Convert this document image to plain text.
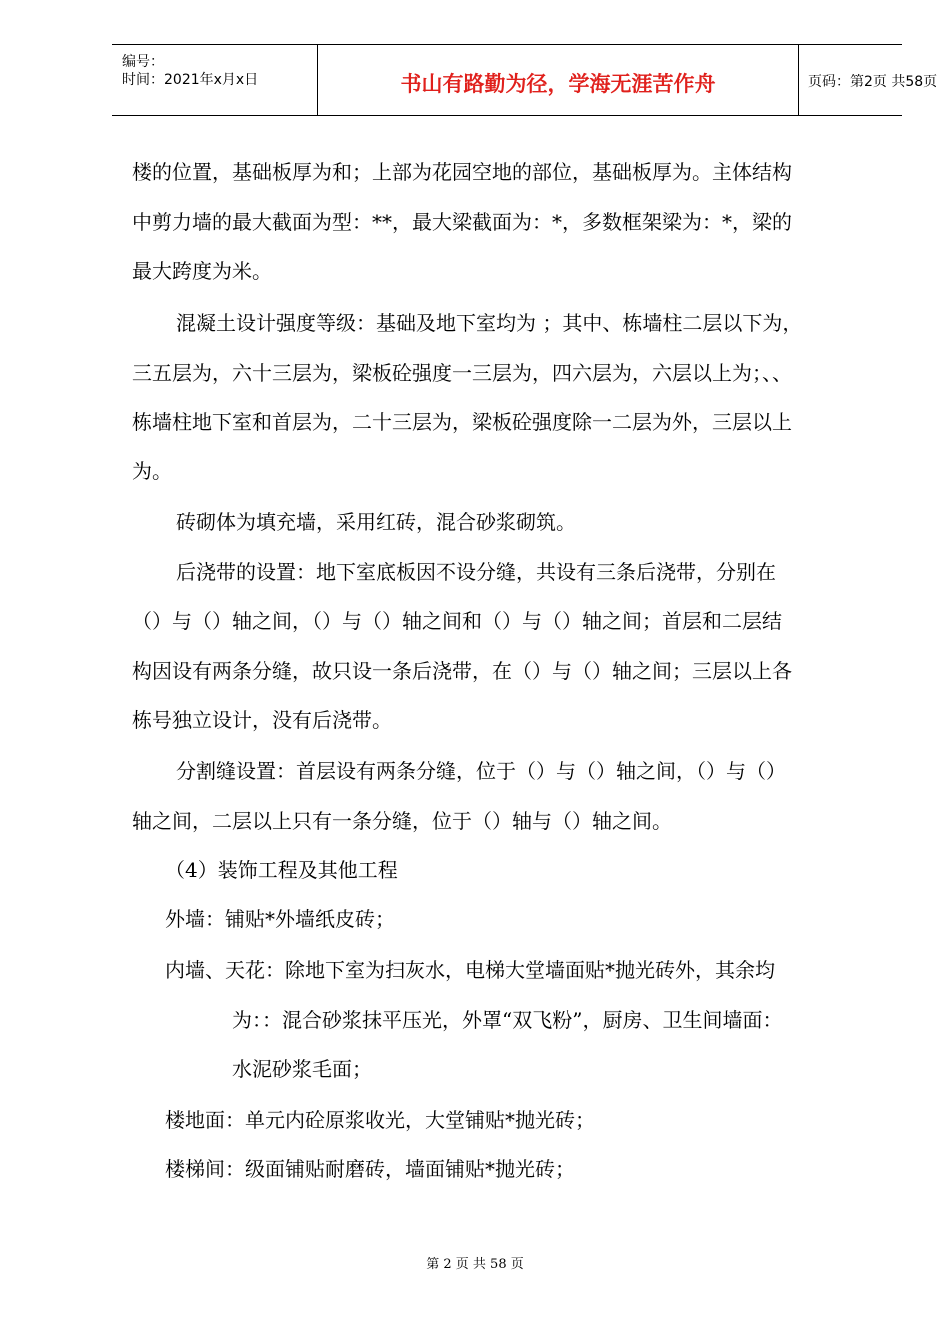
编号：
时间：2021年x月x日	书山有路勤为径，学海无涯苦作舟	页码：第2页 共58页
楼的位置，基础板厚为和；上部为花园空地的部位，基础板厚为。主体结构
中剪力墙的最大截面为型：**，最大梁截面为：*，多数框架梁为：*，梁的
最大跨度为米。
混凝土设计强度等级：基础及地下室均为 ；其中、栋墙柱二层以下为，
三五层为，六十三层为，梁板砼强度一三层为，四六层为，六层以上为；、、
栋墙柱地下室和首层为，二十三层为，梁板砼强度除一二层为外，三层以上
为。
砖砌体为填充墙，采用红砖，混合砂浆砌筑。
后浇带的设置：地下室底板因不设分缝，共设有三条后浇带，分别在
（）与（）轴之间，（）与（）轴之间和（）与（）轴之间；首层和二层结
构因设有两条分缝，故只设一条后浇带，在（）与（）轴之间；三层以上各
栋号独立设计，没有后浇带。
分割缝设置：首层设有两条分缝，位于（）与（）轴之间，（）与（）
轴之间，二层以上只有一条分缝，位于（）轴与（）轴之间。
（4）装饰工程及其他工程
外墙：铺贴*外墙纸皮砖；
内墙、天花：除地下室为扫灰水，电梯大堂墙面贴*抛光砖外，其余均
为：：混合砂浆抹平压光，外罩“双飞粉”，厨房、卫生间墙面：
水泥砂浆毛面；
楼地面：单元内砼原浆收光，大堂铺贴*抛光砖；
楼梯间：级面铺贴耐磨砖，墙面铺贴*抛光砖；
第 2 页 共 58 页
